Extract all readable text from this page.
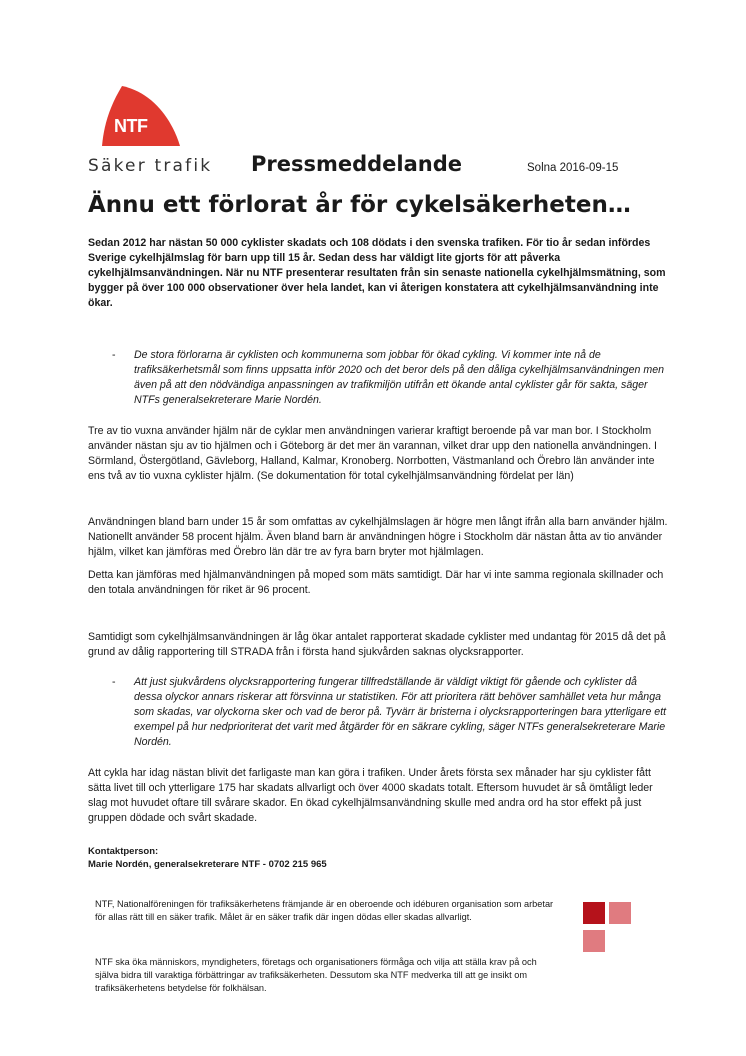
NTF
Säker trafik Pressmeddelande	Solna 2016-09-15
Ännu ett förlorat år för cykelsäkerheten…
Sedan 2012 har nästan 50 000 cyklister skadats och 108 dödats i den svenska trafiken. För tio år sedan infördes Sverige cykelhjälmslag för barn upp till 15 år. Sedan dess har väldigt lite gjorts för att påverka cykelhjälmsanvändningen. När nu NTF presenterar resultaten från sin senaste nationella cykelhjälmsmätning, som bygger på över 100 000 observationer över hela landet, kan vi återigen konstatera att cykelhjälmsanvändning inte ökar.
- De stora förlorarna är cyklisten och kommunerna som jobbar för ökad cykling. Vi kommer inte nå de trafiksäkerhetsmål som finns uppsatta inför 2020 och det beror dels på den dåliga cykelhjälmsanvändningen men även på att den nödvändiga anpassningen av trafikmiljön utifrån ett ökande antal cyklister går för sakta, säger NTFs generalsekreterare Marie Nordén.
Tre av tio vuxna använder hjälm när de cyklar men användningen varierar kraftigt beroende på var man bor. I Stockholm använder nästan sju av tio hjälmen och i Göteborg är det mer än varannan, vilket drar upp den nationella användningen. I Sörmland, Östergötland, Gävleborg, Halland, Kalmar, Kronoberg. Norrbotten, Västmanland och Örebro län använder inte ens två av tio vuxna cyklister hjälm. (Se dokumentation för total cykelhjälmsanvändning fördelat per län)
Användningen bland barn under 15 år som omfattas av cykelhjälmslagen är högre men långt ifrån alla barn använder hjälm. Nationellt använder 58 procent hjälm. Även bland barn är användningen högre i Stockholm där nästan åtta av tio använder hjälm, vilket kan jämföras med Örebro län där tre av fyra barn bryter mot hjälmlagen.
Detta kan jämföras med hjälmanvändningen på moped som mäts samtidigt. Där har vi inte samma regionala skillnader och den totala användningen för riket är 96 procent.
Samtidigt som cykelhjälmsanvändningen är låg ökar antalet rapporterat skadade cyklister med undantag för 2015 då det på grund av dålig rapportering till STRADA från i första hand sjukvården saknas olycksrapporter.
- Att just sjukvårdens olycksrapportering fungerar tillfredställande är väldigt viktigt för gående och cyklister då dessa olyckor annars riskerar att försvinna ur statistiken. För att prioritera rätt behöver samhället veta hur många som skadas, var olyckorna sker och vad de beror på. Tyvärr är bristerna i olycksrapporteringen bara ytterligare ett exempel på hur nedprioriterat det varit med åtgärder för en säkrare cykling, säger NTFs generalsekreterare Marie Nordén.
Att cykla har idag nästan blivit det farligaste man kan göra i trafiken. Under årets första sex månader har sju cyklister fått sätta livet till och ytterligare 175 har skadats allvarligt och över 4000 skadats totalt. Eftersom huvudet är så ömtåligt leder slag mot huvudet oftare till svårare skador. En ökad cykelhjälmsanvändning skulle med andra ord ha stor effekt på just gruppen dödade och svårt skadade.
Kontaktperson:
Marie Nordén, generalsekreterare NTF - 0702 215 965
NTF, Nationalföreningen för trafiksäkerhetens främjande är en oberoende och idéburen organisation som arbetar för allas rätt till en säker trafik. Målet är en säker trafik där ingen dödas eller skadas allvarligt.
NTF ska öka människors, myndigheters, företags och organisationers förmåga och vilja att ställa krav på och själva bidra till varaktiga förbättringar av trafiksäkerheten. Dessutom ska NTF medverka till att ge insikt om trafiksäkerhetens betydelse för folkhälsan.
